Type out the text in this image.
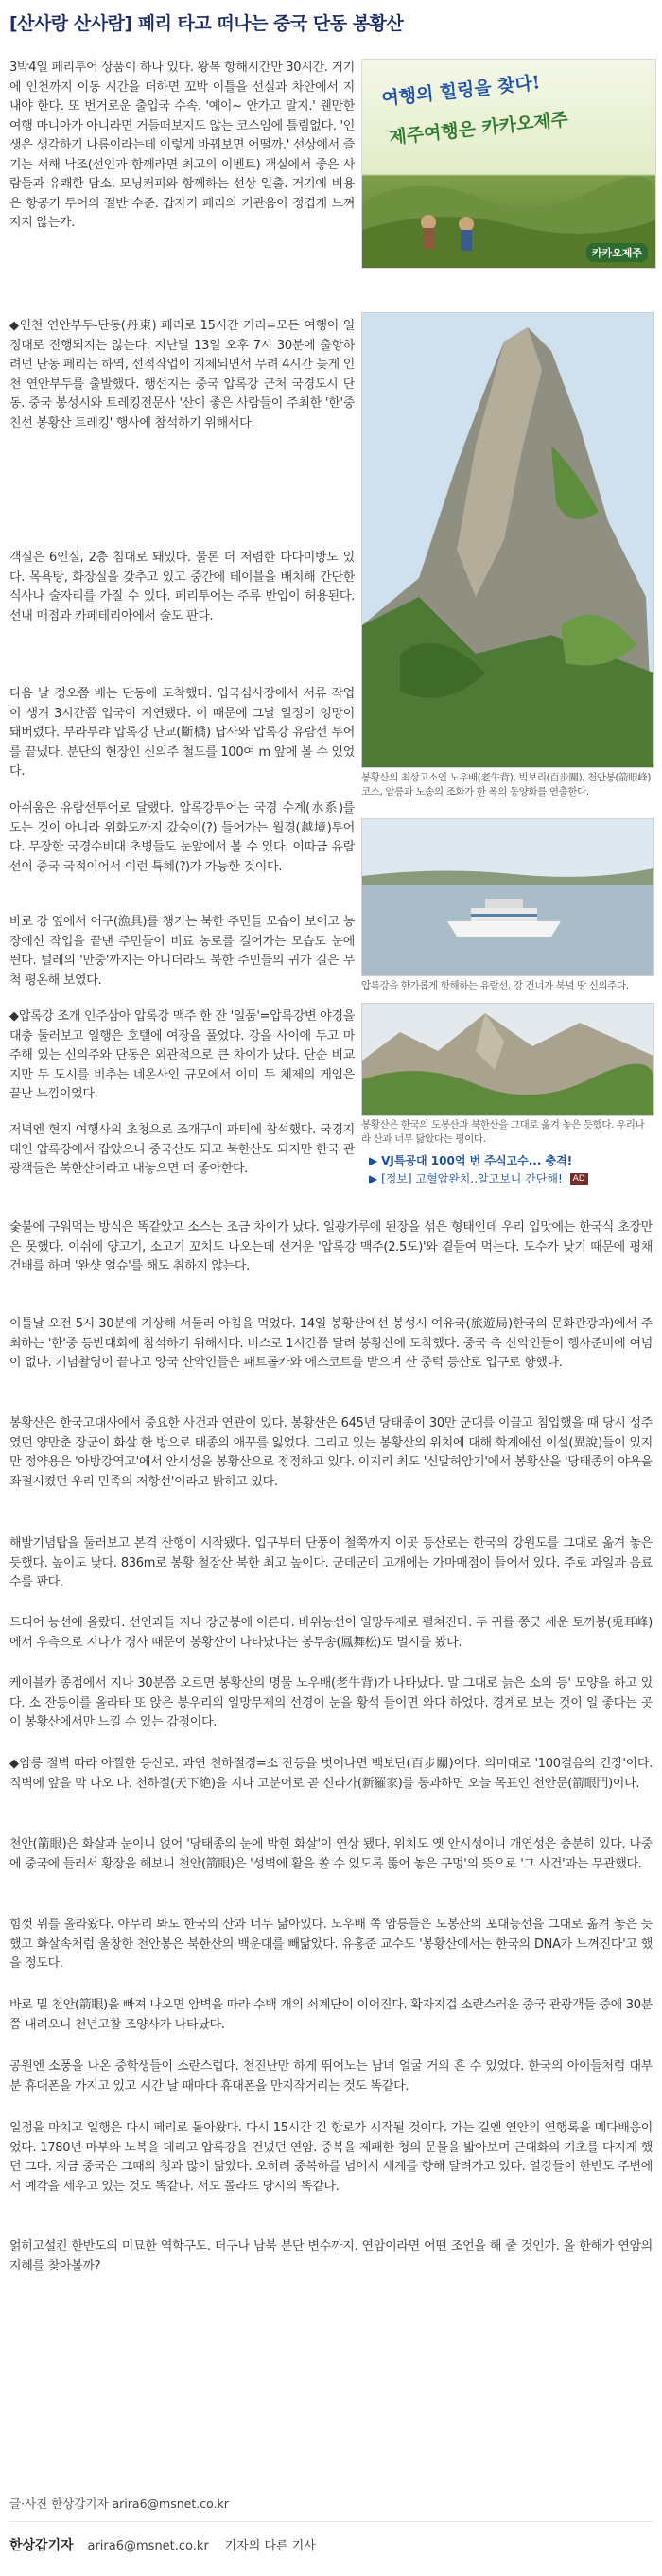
[산사랑 산사람] 페리 타고 떠나는 중국 단동 봉황산

3박4일 페리투어 상품이 하나 있다. 왕복 항해시간만 30시간. 거기에 인천까지 이동 시간을 더하면 꼬박 이틀을 선실과 차안에서 지내야 한다. 또 번거로운 출입국 수속. '예이~ 안가고 말지.' 웬만한 여행 마니아가 아니라면 거들떠보지도 않는 코스임에 틀림없다. '인생은 생각하기 나름이라는데 이렇게 바꿔보면 어떨까.' 선상에서 즐기는 서해 낙조(선인과 함께라면 최고의 이벤트) 객실에서 좋은 사람들과 유쾌한 담소, 모닝커피와 함께하는 선상 일출. 거기에 비용은 항공기 투어의 절반 수준. 갑자기 페리의 기관음이 정겹게 느껴지지 않는가.

여행의 힐링을 찾다!
제주여행은 카카오제주
카카오제주

◆인천 연안부두-단동(丹東) 페리로 15시간 거리=모든 여행이 일정대로 진행되지는 않는다. 지난달 13일 오후 7시 30분에 출항하려던 단동 페리는 하역, 선적작업이 지체되면서 무려 4시간 늦게 인천 연안부두를 출발했다. 행선지는 중국 압록강 근처 국경도시 단동. 중국 봉성시와 트레킹전문사 '산이 좋은 사람들이 주최한 '한'중 친선 봉황산 트레킹' 행사에 참석하기 위해서다.

봉황산의 최상고소인 노우배(老牛背), 빅보리(百步關), 천안봉(箭眼峰) 코스, 암릉과 노송의 조화가 한 폭의 동양화를 연출한다.

객실은 6인실, 2층 침대로 돼있다. 물론 더 저렴한 다다미방도 있다. 목욕탕, 화장실을 갖추고 있고 중간에 테이블을 배치해 간단한 식사나 술자리를 가질 수 있다. 페리투어는 주류 반입이 허용된다. 선내 매점과 카페테리아에서 술도 판다.

다음 날 정오쯤 배는 단동에 도착했다. 입국심사장에서 서류 작업이 생겨 3시간쯤 입국이 지연됐다. 이 때문에 그날 일정이 엉망이 돼버렸다. 부라부랴 압록강 단교(斷橋) 답사와 압록강 유람선 투어를 끝냈다. 분단의 현장인 신의주 철도를 100여 m 앞에 볼 수 있었다.

아쉬움은 유람선투어로 달랬다. 압록강투어는 국경 수계(水系)를 도는 것이 아니라 위화도까지 갔숙이(?) 들어가는 월경(越境)투어다. 무장한 국경수비대 초병들도 눈앞에서 볼 수 있다. 이따금 유람선이 중국 국적이어서 이런 특혜(?)가 가능한 것이다.

압록강을 한가롭게 항해하는 유람선. 강 건너가 북녘 땅 신의주다.

바로 강 옆에서 어구(漁具)를 챙기는 북한 주민들 모습이 보이고 농장에선 작업을 끝낸 주민들이 비료 농로를 걸어가는 모습도 눈에 띈다. 털레의 '만중'까지는 아니더라도 북한 주민들의 귀가 길은 무척 평온해 보였다.

◆압록강 조개 인주삼아 압록강 맥주 한 잔 '일품'=압록강변 야경을 대충 둘러보고 일행은 호텔에 여장을 풀었다. 강을 사이에 두고 마주해 있는 신의주와 단동은 외관적으로 큰 차이가 났다. 단순 비교지만 두 도시를 비추는 네온사인 규모에서 이미 두 체제의 게임은 끝난 느낌이었다.

봉황산은 한국의 도봉산과 북한산을 그대로 옮겨 놓은 듯했다. 우리나라 산과 너무 닮았다는 평이다.
▶ VJ특공대 100억 번 주식고수... 충격!
▶ [정보] 고혈압완치..알고보니 간단해! AD

저녁엔 현지 여행사의 초청으로 조개구이 파티에 참석했다. 국경지대인 압록강에서 잡았으니 중국산도 되고 북한산도 되지만 한국 관광객들은 북한산이라고 내놓으면 더 좋아한다.

숯불에 구워먹는 방식은 똑같았고 소스는 조금 차이가 났다. 일광가루에 된장을 섞은 형태인데 우리 입맛에는 한국식 초장만은 못했다. 이쉬에 양고기, 소고기 꼬치도 나오는데 선거운 '압록강 맥주(2.5도)'와 곁들여 먹는다. 도수가 낮기 때문에 평채 건배를 하며 '완샷 얼슈'를 해도 취하지 않는다.

이틀날 오전 5시 30분에 기상해 서둘러 아침을 먹었다. 14일 봉황산에선 봉성시 여유국(旅遊局)한국의 문화관광과)에서 주최하는 '한'중 등반대회에 참석하기 위해서다. 버스로 1시간쯤 달려 봉황산에 도착했다. 중국 측 산악인들이 행사준비에 여념이 없다. 기념촬영이 끝나고 양국 산악인들은 패트롤카와 에스코트를 받으며 산 중턱 등산로 입구로 향했다.

봉황산은 한국고대사에서 중요한 사건과 연관이 있다. 봉황산은 645년 당태종이 30만 군대를 이끌고 침입했을 때 당시 성주였던 양만춘 장군이 화살 한 방으로 태종의 애꾸를 잃었다. 그리고 있는 봉황산의 위치에 대해 학계에선 이설(異說)들이 있지만 정약용은 '아방강역고'에서 안시성을 봉황산으로 정정하고 있다. 이지리 최도 '신말허암기'에서 봉황산을 '당태종의 야욕을 좌절시켰던 우리 민족의 저항선'이라고 밝히고 있다.

해발기념탑을 둘러보고 본격 산행이 시작됐다. 입구부터 단풍이 철쭉까지 이곳 등산로는 한국의 강원도를 그대로 옮겨 놓은 듯했다. 높이도 낮다. 836m로 봉황 철장산 북한 최고 높이다. 군데군데 고개에는 가마매점이 들어서 있다. 주로 과일과 음료수를 판다.

드디어 능선에 올랐다. 선인과들 지나 장군봉에 이른다. 바위능선이 일망무제로 펼쳐진다. 두 귀를 쫑긋 세운 토끼봉(兎耳峰)에서 우측으로 지나가 경사 때문이 봉황산이 나타났다는 봉무송(鳳舞松)도 멀시를 봤다.

케이블카 종점에서 지나 30분쯤 오르면 봉황산의 명물 노우배(老牛背)가 나타났다. 말 그대로 늙은 소의 등' 모양을 하고 있다. 소 잔등이를 올라타 또 앉은 봉우리의 일망무제의 선경이 눈을 황석 들이면 와다 하었다. 경계로 보는 것이 일 좋다는 곳이 봉황산에서만 느낄 수 있는 감정이다.

◆암릉 절벽 따라 아찔한 등산로. 과연 천하절경=소 잔등을 벗어나면 백보단(百步關)이다. 의미대로 '100걸음의 긴장'이다. 직벽에 앞을 막 나오 다. 천하절(天下絶)을 지나 고분어로 곧 신라가(新羅家)를 통과하면 오늘 목표인 천안문(箭眼門)이다.

천안(箭眼)은 화살과 눈이니 얹어 '당태종의 눈에 박힌 화살'이 연상 됐다. 위치도 옛 안시성이니 개연성은 충분히 있다. 나중에 중국에 들러서 황장을 해보니 천안(箭眼)은 '성벽에 활을 쏠 수 있도록 뚫어 놓은 구멍'의 뜻으로 '그 사건'과는 무관했다.

힘껏 위를 올라왔다. 아무리 봐도 한국의 산과 너무 닮아있다. 노우배 쪽 암릉들은 도봉산의 포대능선을 그대로 옮겨 놓은 듯했고 화살속처럼 울창한 천안봉은 북한산의 백운대를 빼닮았다. 유홍준 교수도 '봉황산에서는 한국의 DNA가 느껴진다'고 했을 정도다.

바로 밑 천안(箭眼)을 빠져 나오면 암벽을 따라 수백 개의 쇠계단이 이어진다. 확자지겁 소란스러운 중국 관광객들 중에 30분쯤 내려오니 천년고찰 조양사가 나타났다.

공원엔 소풍을 나온 중학생들이 소란스럽다. 천진난만 하게 뛰어노는 남녀 얼굴 거의 흔 수 있었다. 한국의 아이들처럼 대부분 휴대폰을 가지고 있고 시간 날 때마다 휴대폰을 만지작거리는 것도 똑같다.

일정을 마치고 일행은 다시 페리로 돌아왔다. 다시 15시간 긴 항로가 시작될 것이다. 가는 길엔 연안의 연행록을 메다배응이었다. 1780년 마부와 노복을 데리고 압록강을 건넜던 연암. 중복을 제패한 청의 문물을 밟아보며 근대화의 기초를 다지게 했던 그다. 지금 중국은 그때의 청과 많이 닮았다. 오히려 중복하를 넘어서 세계를 향해 달려가고 있다. 열강들이 한반도 주변에서 예각을 세우고 있는 것도 똑같다. 서도 몰라도 당시의 똑같다.

얽히고설킨 한반도의 미묘한 역학구도. 더구나 남북 분단 변수까지. 연암이라면 어떤 조언을 해 줄 것인가. 올 한해가 연암의 지혜를 찾아볼까?

글·사진 한상갑기자 arira6@msnet.co.kr
한상갑기자 arira6@msnet.co.kr 기자의 다른 기사
